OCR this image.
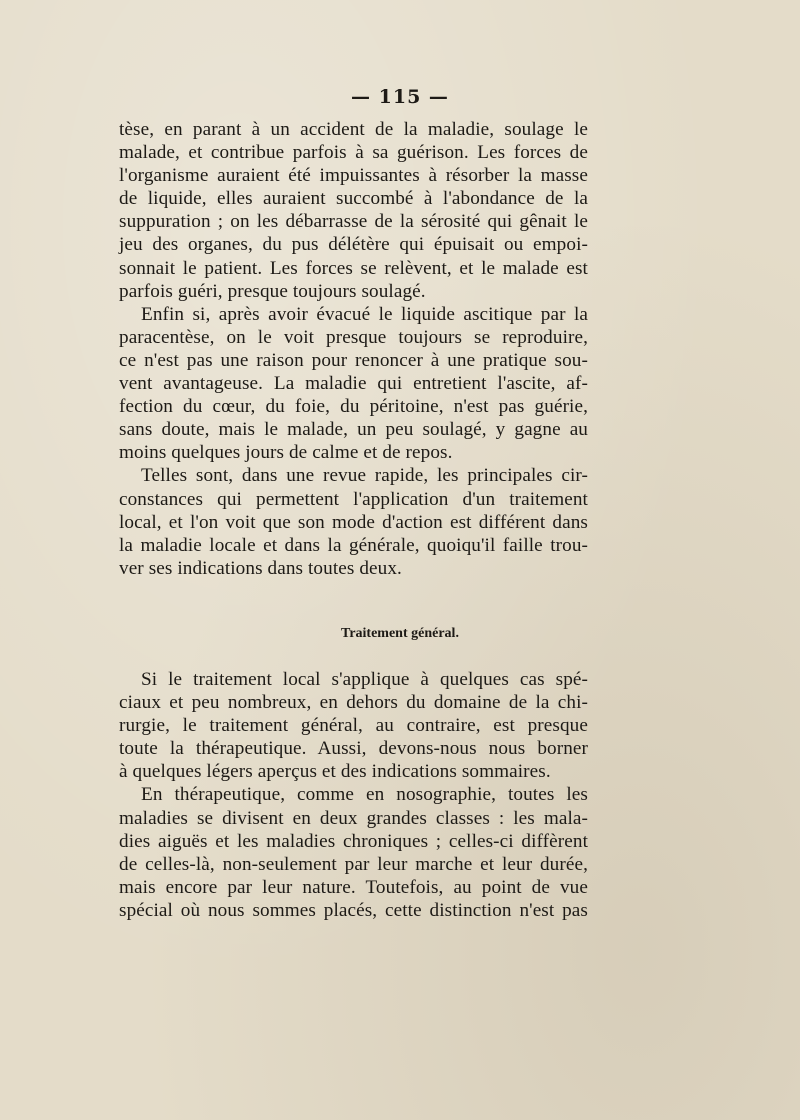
— 115 —
tèse, en parant à un accident de la maladie, soulage le
malade, et contribue parfois à sa guérison. Les forces de
l'organisme auraient été impuissantes à résorber la masse
de liquide, elles auraient succombé à l'abondance de la
suppuration ; on les débarrasse de la sérosité qui gênait le
jeu des organes, du pus délétère qui épuisait ou empoi-
sonnait le patient. Les forces se relèvent, et le malade est
parfois guéri, presque toujours soulagé.
Enfin si, après avoir évacué le liquide ascitique par la
paracentèse, on le voit presque toujours se reproduire,
ce n'est pas une raison pour renoncer à une pratique sou-
vent avantageuse. La maladie qui entretient l'ascite, af-
fection du cœur, du foie, du péritoine, n'est pas guérie,
sans doute, mais le malade, un peu soulagé, y gagne au
moins quelques jours de calme et de repos.
Telles sont, dans une revue rapide, les principales cir-
constances qui permettent l'application d'un traitement
local, et l'on voit que son mode d'action est différent dans
la maladie locale et dans la générale, quoiqu'il faille trou-
ver ses indications dans toutes deux.
Traitement général.
Si le traitement local s'applique à quelques cas spé-
ciaux et peu nombreux, en dehors du domaine de la chi-
rurgie, le traitement général, au contraire, est presque
toute la thérapeutique. Aussi, devons-nous nous borner
à quelques légers aperçus et des indications sommaires.
En thérapeutique, comme en nosographie, toutes les
maladies se divisent en deux grandes classes : les mala-
dies aiguës et les maladies chroniques ; celles-ci diffèrent
de celles-là, non-seulement par leur marche et leur durée,
mais encore par leur nature. Toutefois, au point de vue
spécial où nous sommes placés, cette distinction n'est pas
